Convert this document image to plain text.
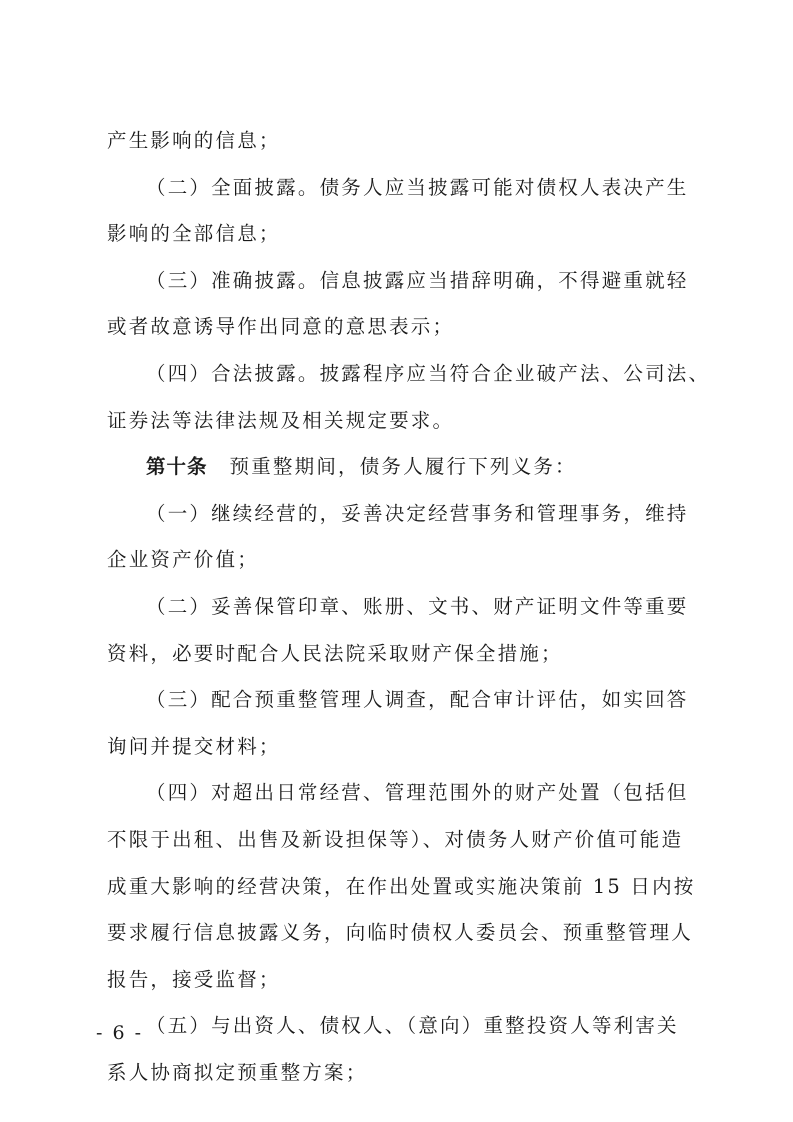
产生影响的信息；
（二）全面披露。债务人应当披露可能对债权人表决产生
影响的全部信息；
（三）准确披露。信息披露应当措辞明确，不得避重就轻
或者故意诱导作出同意的意思表示；
（四）合法披露。披露程序应当符合企业破产法、公司法、
证券法等法律法规及相关规定要求。
第十条 预重整期间，债务人履行下列义务：
（一）继续经营的，妥善决定经营事务和管理事务，维持
企业资产价值；
（二）妥善保管印章、账册、文书、财产证明文件等重要
资料，必要时配合人民法院采取财产保全措施；
（三）配合预重整管理人调查，配合审计评估，如实回答
询问并提交材料；
（四）对超出日常经营、管理范围外的财产处置（包括但
不限于出租、出售及新设担保等）、对债务人财产价值可能造
成重大影响的经营决策，在作出处置或实施决策前 15 日内按
要求履行信息披露义务，向临时债权人委员会、预重整管理人
报告，接受监督；
（五）与出资人、债权人、（意向）重整投资人等利害关
系人协商拟定预重整方案；
- 6 -
